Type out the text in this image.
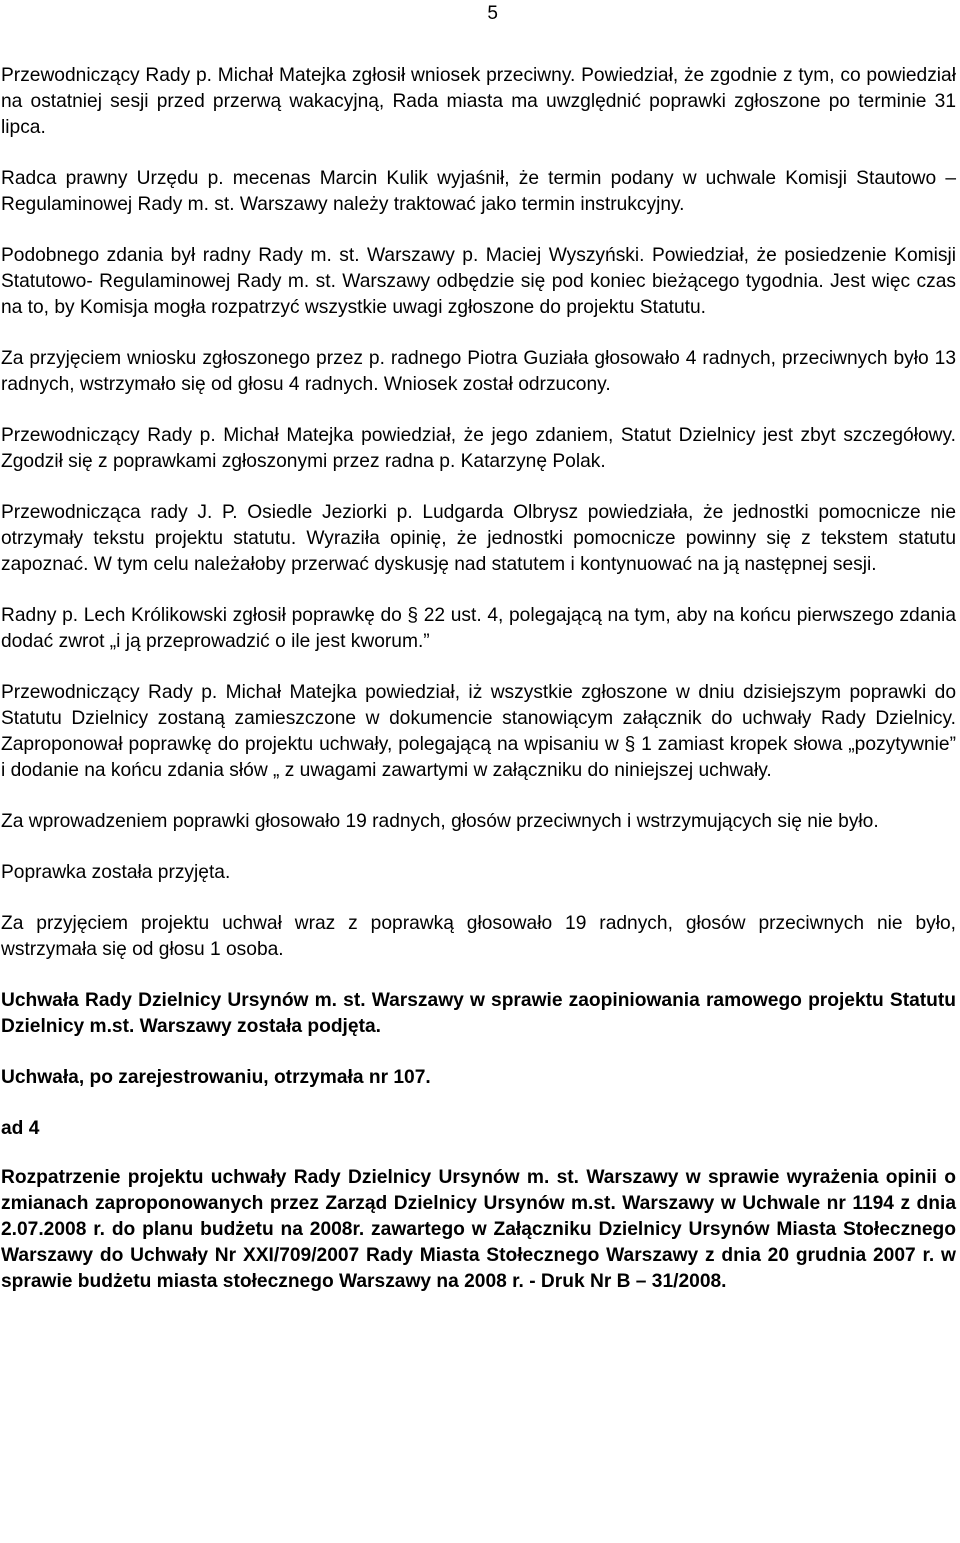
5

Przewodniczący Rady p. Michał Matejka zgłosił wniosek przeciwny. Powiedział, że zgodnie z tym, co powiedział na ostatniej sesji przed przerwą wakacyjną, Rada miasta ma uwzględnić poprawki zgłoszone po terminie 31 lipca.

Radca prawny Urzędu p. mecenas Marcin Kulik wyjaśnił, że termin podany w uchwale Komisji Stautowo – Regulaminowej Rady m. st. Warszawy należy traktować jako termin instrukcyjny.

Podobnego zdania był radny Rady m. st. Warszawy p. Maciej Wyszyński. Powiedział, że posiedzenie Komisji Statutowo- Regulaminowej Rady m. st. Warszawy odbędzie się pod koniec bieżącego tygodnia. Jest więc czas na to, by Komisja mogła rozpatrzyć wszystkie uwagi zgłoszone do projektu Statutu.

Za przyjęciem wniosku zgłoszonego przez p. radnego Piotra Guziała głosowało 4 radnych, przeciwnych było 13 radnych, wstrzymało się od głosu 4 radnych. Wniosek został odrzucony.

Przewodniczący Rady p. Michał Matejka powiedział, że jego zdaniem, Statut Dzielnicy jest zbyt szczegółowy. Zgodził się z poprawkami zgłoszonymi przez radna p. Katarzynę Polak.

Przewodnicząca rady J. P. Osiedle Jeziorki p. Ludgarda Olbrysz powiedziała, że jednostki pomocnicze nie otrzymały tekstu projektu statutu. Wyraziła opinię, że jednostki pomocnicze powinny się z tekstem statutu zapoznać. W tym celu należałoby przerwać dyskusję nad statutem i kontynuować na ją następnej sesji.

Radny p. Lech Królikowski zgłosił poprawkę do § 22 ust. 4, polegającą na tym, aby na końcu pierwszego zdania dodać zwrot „i ją przeprowadzić o ile jest kworum.”

Przewodniczący Rady p. Michał Matejka powiedział, iż wszystkie zgłoszone w dniu dzisiejszym poprawki do Statutu Dzielnicy zostaną zamieszczone w dokumencie stanowiącym załącznik do uchwały Rady Dzielnicy. Zaproponował poprawkę do projektu uchwały, polegającą na wpisaniu w § 1 zamiast kropek słowa „pozytywnie” i dodanie na końcu zdania słów „ z uwagami zawartymi w załączniku do niniejszej uchwały.

Za wprowadzeniem poprawki głosowało 19 radnych, głosów przeciwnych i wstrzymujących się nie było.

Poprawka została przyjęta.

Za przyjęciem projektu uchwał wraz z poprawką głosowało 19 radnych, głosów przeciwnych nie było, wstrzymała się od głosu 1 osoba.

Uchwała Rady Dzielnicy Ursynów m. st. Warszawy w sprawie zaopiniowania ramowego projektu Statutu Dzielnicy m.st. Warszawy została podjęta.

Uchwała, po zarejestrowaniu, otrzymała nr 107.

ad 4

Rozpatrzenie projektu uchwały Rady Dzielnicy Ursynów m. st. Warszawy w sprawie wyrażenia opinii o zmianach zaproponowanych przez Zarząd Dzielnicy Ursynów m.st. Warszawy w Uchwale nr 1194 z dnia 2.07.2008 r. do planu budżetu na 2008r. zawartego w Załączniku Dzielnicy Ursynów Miasta Stołecznego Warszawy do Uchwały Nr XXI/709/2007 Rady Miasta Stołecznego Warszawy z dnia 20 grudnia 2007 r. w sprawie budżetu miasta stołecznego Warszawy na 2008 r. - Druk Nr B – 31/2008.
